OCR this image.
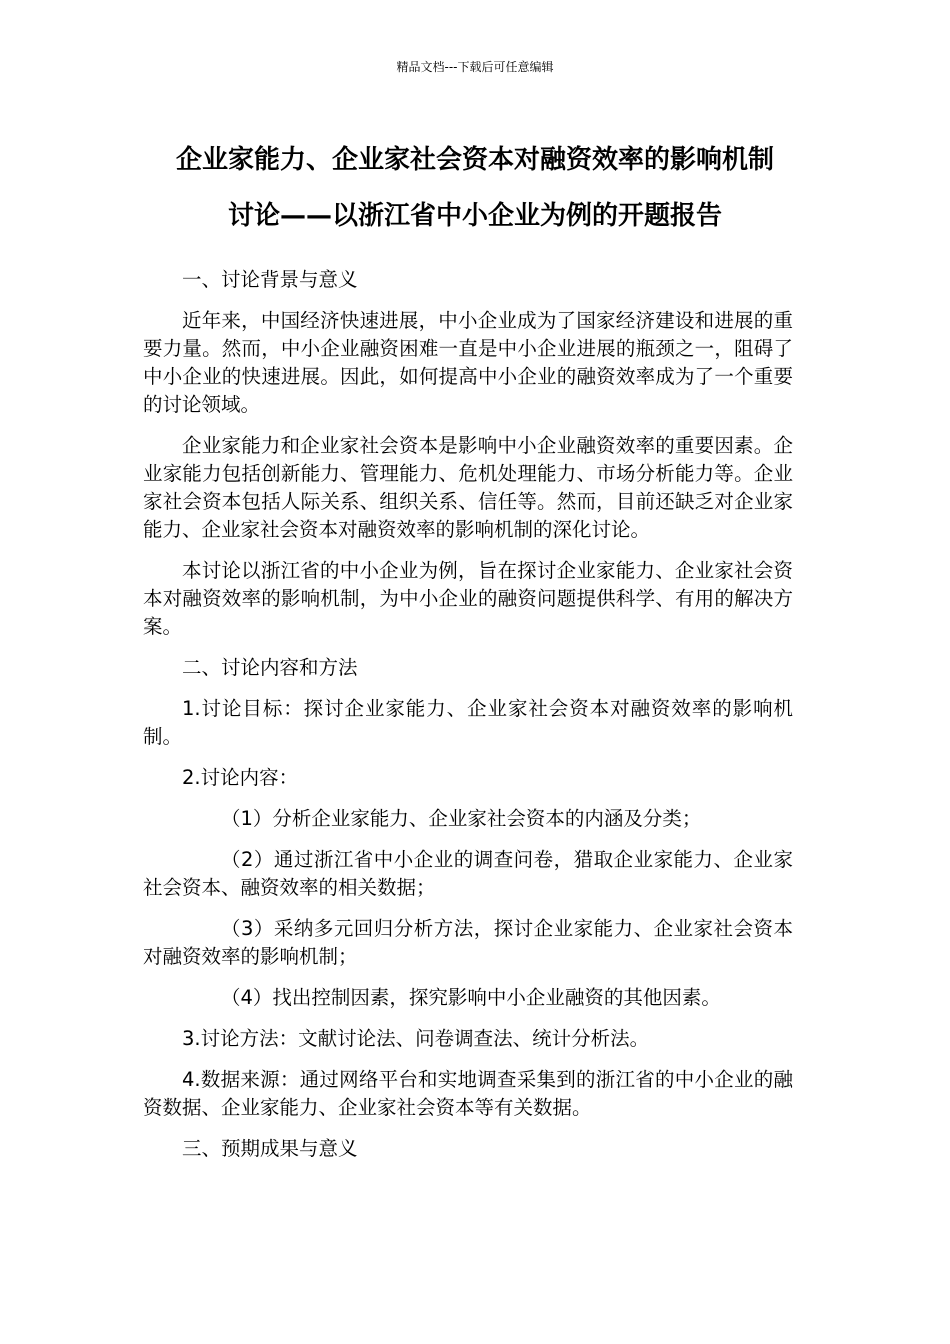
精品文档---下载后可任意编辑
企业家能力、企业家社会资本对融资效率的影响机制
讨论——以浙江省中小企业为例的开题报告

一、讨论背景与意义

近年来，中国经济快速进展，中小企业成为了国家经济建设和进展的重要力量。然而，中小企业融资困难一直是中小企业进展的瓶颈之一，阻碍了中小企业的快速进展。因此，如何提高中小企业的融资效率成为了一个重要的讨论领域。

企业家能力和企业家社会资本是影响中小企业融资效率的重要因素。企业家能力包括创新能力、管理能力、危机处理能力、市场分析能力等。企业家社会资本包括人际关系、组织关系、信任等。然而，目前还缺乏对企业家能力、企业家社会资本对融资效率的影响机制的深化讨论。

本讨论以浙江省的中小企业为例，旨在探讨企业家能力、企业家社会资本对融资效率的影响机制，为中小企业的融资问题提供科学、有用的解决方案。

二、讨论内容和方法

1.讨论目标：探讨企业家能力、企业家社会资本对融资效率的影响机制。

2.讨论内容：

（1）分析企业家能力、企业家社会资本的内涵及分类；

（2）通过浙江省中小企业的调查问卷，猎取企业家能力、企业家社会资本、融资效率的相关数据；

（3）采纳多元回归分析方法，探讨企业家能力、企业家社会资本对融资效率的影响机制；

（4）找出控制因素，探究影响中小企业融资的其他因素。

3.讨论方法：文献讨论法、问卷调查法、统计分析法。

4.数据来源：通过网络平台和实地调查采集到的浙江省的中小企业的融资数据、企业家能力、企业家社会资本等有关数据。

三、预期成果与意义
